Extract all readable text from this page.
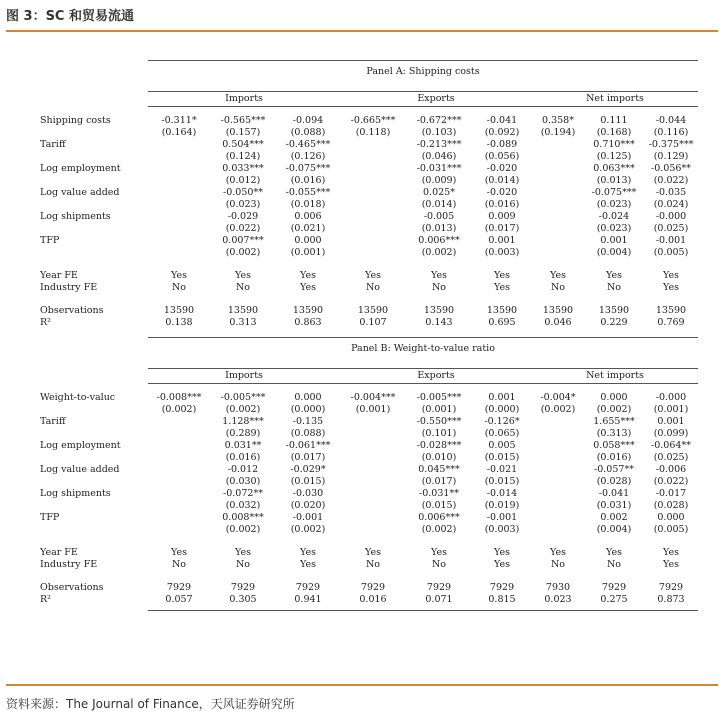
图 3：SC 和贸易流通
	Panel A: Shipping costs								

	Imports			Exports			Net imports		

Shipping costs	-0.311*	-0.565***	-0.094	-0.665***	-0.672***	-0.041	0.358*	0.111	-0.044
	(0.164)	(0.157)	(0.088)	(0.118)	(0.103)	(0.092)	(0.194)	(0.168)	(0.116)
Tariff		0.504***	-0.465***		-0.213***	-0.089		0.710***	-0.375***
		(0.124)	(0.126)		(0.046)	(0.056)		(0.125)	(0.129)
Log employment		0.033***	-0.075***		-0.031***	-0.020		0.063***	-0.056**
		(0.012)	(0.016)		(0.009)	(0.014)		(0.013)	(0.022)
Log value added		-0.050**	-0.055***		0.025*	-0.020		-0.075***	-0.035
		(0.023)	(0.018)		(0.014)	(0.016)		(0.023)	(0.024)
Log shipments		-0.029	0.006		-0.005	0.009		-0.024	-0.000
		(0.022)	(0.021)		(0.013)	(0.017)		(0.023)	(0.025)
TFP		0.007***	0.000		0.006***	0.001		0.001	-0.001
		(0.002)	(0.001)		(0.002)	(0.003)		(0.004)	(0.005)

Year FE	Yes	Yes	Yes	Yes	Yes	Yes	Yes	Yes	Yes
Industry FE	No	No	Yes	No	No	Yes	No	No	Yes

Observations	13590	13590	13590	13590	13590	13590	13590	13590	13590
R²	0.138	0.313	0.863	0.107	0.143	0.695	0.046	0.229	0.769

	Panel B: Weight-to-value ratio								

	Imports			Exports			Net imports		

Weight-to-valuc	-0.008***	-0.005***	0.000	-0.004***	-0.005***	0.001	-0.004*	0.000	-0.000
	(0.002)	(0.002)	(0.000)	(0.001)	(0.001)	(0.000)	(0.002)	(0.002)	(0.001)
Tariff		1.128***	-0.135		-0.550***	-0.126*		1.655***	0.001
		(0.289)	(0.088)		(0.101)	(0.065)		(0.313)	(0.099)
Log employment		0.031**	-0.061***		-0.028***	0.005		0.058***	-0.064**
		(0.016)	(0.017)		(0.010)	(0.015)		(0.016)	(0.025)
Log value added		-0.012	-0.029*		0.045***	-0.021		-0.057**	-0.006
		(0.030)	(0.015)		(0.017)	(0.015)		(0.028)	(0.022)
Log shipments		-0.072**	-0.030		-0.031**	-0.014		-0.041	-0.017
		(0.032)	(0.020)		(0.015)	(0.019)		(0.031)	(0.028)
TFP		0.008***	-0.001		0.006***	-0.001		0.002	0.000
		(0.002)	(0.002)		(0.002)	(0.003)		(0.004)	(0.005)

Year FE	Yes	Yes	Yes	Yes	Yes	Yes	Yes	Yes	Yes
Industry FE	No	No	Yes	No	No	Yes	No	No	Yes

Observations	7929	7929	7929	7929	7929	7929	7930	7929	7929
R²	0.057	0.305	0.941	0.016	0.071	0.815	0.023	0.275	0.873

资料来源：The Journal of Finance，天风证券研究所
